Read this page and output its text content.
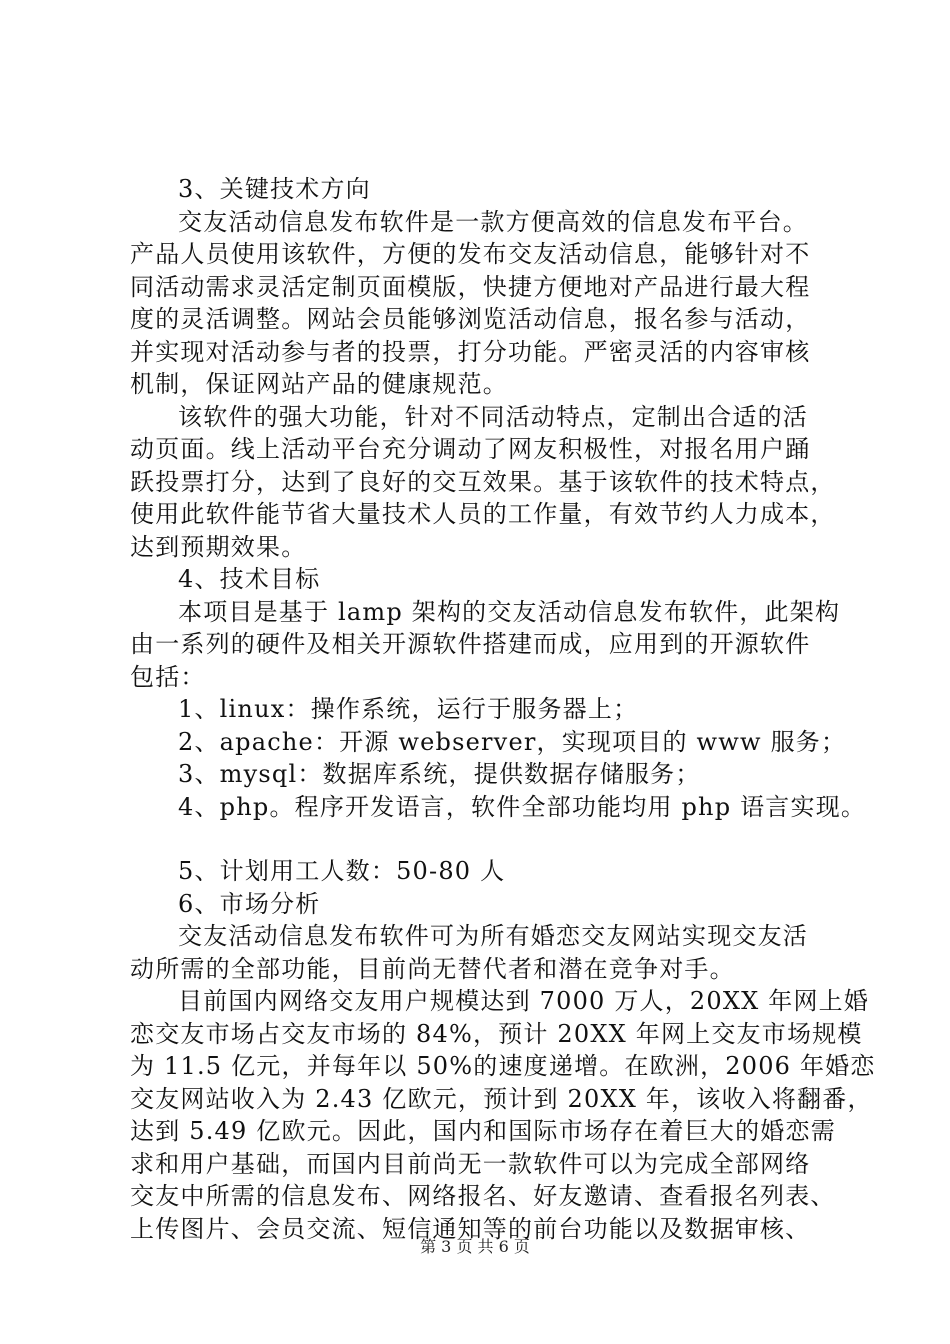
3、关键技术方向
交友活动信息发布软件是一款方便高效的信息发布平台。
产品人员使用该软件，方便的发布交友活动信息，能够针对不
同活动需求灵活定制页面模版，快捷方便地对产品进行最大程
度的灵活调整。网站会员能够浏览活动信息，报名参与活动，
并实现对活动参与者的投票，打分功能。严密灵活的内容审核
机制，保证网站产品的健康规范。
该软件的强大功能，针对不同活动特点，定制出合适的活
动页面。线上活动平台充分调动了网友积极性，对报名用户踊
跃投票打分，达到了良好的交互效果。基于该软件的技术特点，
使用此软件能节省大量技术人员的工作量，有效节约人力成本，
达到预期效果。
4、技术目标
本项目是基于 lamp 架构的交友活动信息发布软件，此架构
由一系列的硬件及相关开源软件搭建而成，应用到的开源软件
包括：
1、linux：操作系统，运行于服务器上；
2、apache：开源 webserver，实现项目的 www 服务；
3、mysql：数据库系统，提供数据存储服务；
4、php。程序开发语言，软件全部功能均用 php 语言实现。
5、计划用工人数：50-80 人
6、市场分析
交友活动信息发布软件可为所有婚恋交友网站实现交友活
动所需的全部功能，目前尚无替代者和潜在竞争对手。
目前国内网络交友用户规模达到 7000 万人，20XX 年网上婚
恋交友市场占交友市场的 84%，预计 20XX 年网上交友市场规模
为 11.5 亿元，并每年以 50%的速度递增。在欧洲，2006 年婚恋
交友网站收入为 2.43 亿欧元，预计到 20XX 年，该收入将翻番，
达到 5.49 亿欧元。因此，国内和国际市场存在着巨大的婚恋需
求和用户基础，而国内目前尚无一款软件可以为完成全部网络
交友中所需的信息发布、网络报名、好友邀请、查看报名列表、
上传图片、会员交流、短信通知等的前台功能以及数据审核、
第 3 页 共 6 页
